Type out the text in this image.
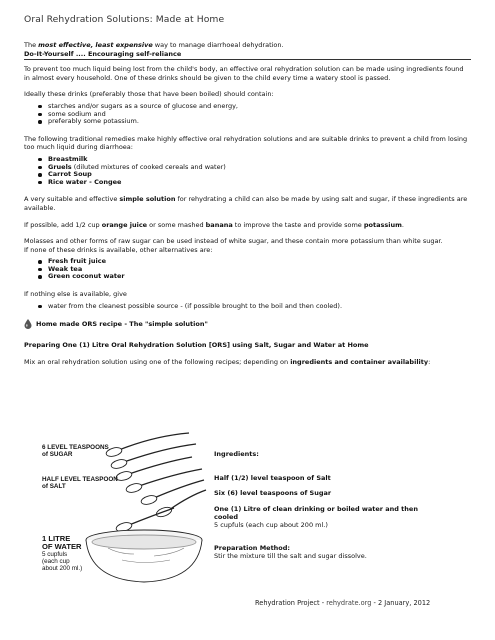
Oral Rehydration Solutions: Made at Home
The most effective, least expensive way to manage diarrhoeal dehydration.
Do-It-Yourself .... Encouraging self-reliance
To prevent too much liquid being lost from the child's body, an effective oral rehydration solution can be made using ingredients found in almost every household. One of these drinks should be given to the child every time a watery stool is passed.
Ideally these drinks (preferably those that have been boiled) should contain:
starches and/or sugars as a source of glucose and energy,
some sodium and
preferably some potassium.
The following traditional remedies make highly effective oral rehydration solutions and are suitable drinks to prevent a child from losing too much liquid during diarrhoea:
Breastmilk
Gruels (diluted mixtures of cooked cereals and water)
Carrot Soup
Rice water - Congee
A very suitable and effective simple solution for rehydrating a child can also be made by using salt and sugar, if these ingredients are available.
If possible, add 1/2 cup orange juice or some mashed banana to improve the taste and provide some potassium.
Molasses and other forms of raw sugar can be used instead of white sugar, and these contain more potassium than white sugar.
If none of these drinks is available, other alternatives are:
Fresh fruit juice
Weak tea
Green coconut water
If nothing else is available, give
water from the cleanest possible source - (if possible brought to the boil and then cooled).
Home made ORS recipe - The "simple solution"
Preparing One (1) Litre Oral Rehydration Solution [ORS] using Salt, Sugar and Water at Home
Mix an oral rehydration solution using one of the following recipes; depending on ingredients and container availability:
6 LEVEL TEASPOONS
of SUGAR
HALF LEVEL TEASPOON
of SALT
1 LITRE
OF WATER
5 cupfuls
(each cup
about 200 ml.)
Ingredients:
Half (1/2) level teaspoon of Salt
Six (6) level teaspoons of Sugar
One (1) Litre of clean drinking or boiled water and then cooled
5 cupfuls (each cup about 200 ml.)
Preparation Method:
Stir the mixture till the salt and sugar dissolve.
Rehydration Project - rehydrate.org - 2 January, 2012
